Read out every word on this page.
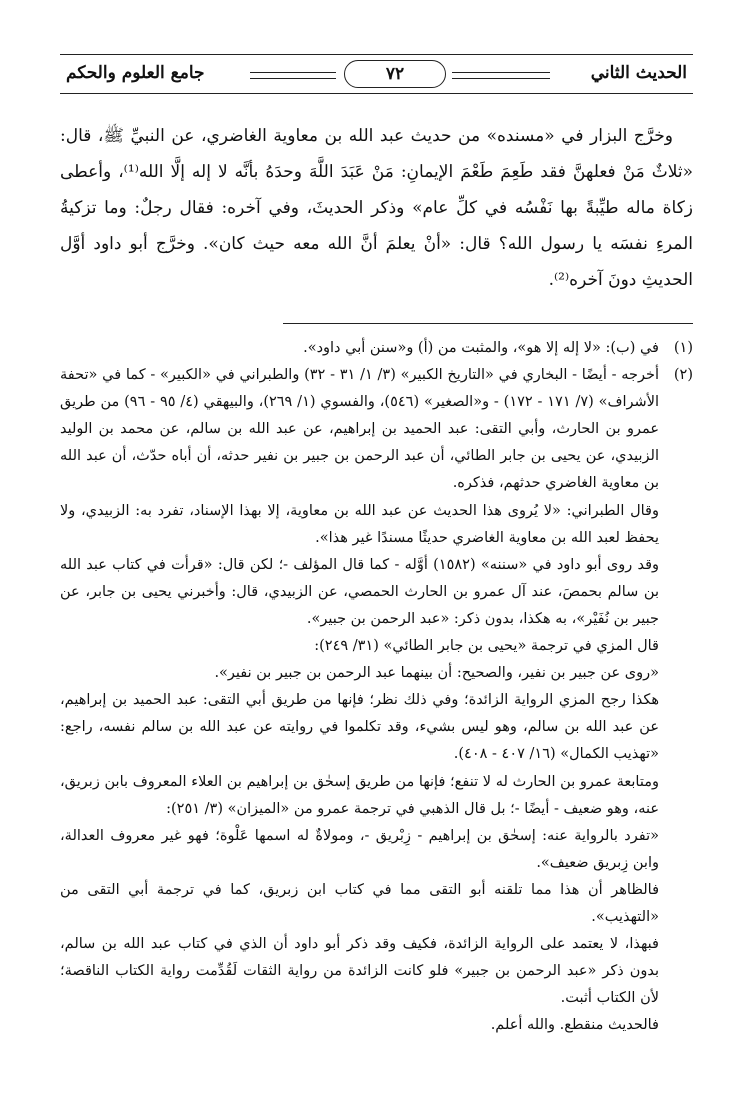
الحديث الثاني
٧٢
جامع العلوم والحكم

وخرَّج البزار في «مسنده» من حديث عبد الله بن معاوية الغاضري، عن النبيِّ ﷺ، قال: «ثلاثٌ مَنْ فعلهنَّ فقد طَعِمَ طَعْمَ الإيمانِ: مَنْ عَبَدَ اللَّهَ وحدَهُ بأنَّه لا إله إلَّا الله⁽¹⁾، وأعطى زكاة ماله طيِّبةً بها نَفْسُه في كلِّ عام» وذكر الحديثَ، وفي آخره: فقال رجلٌ: وما تزكيةُ المرءِ نفسَه يا رسول الله؟ قال: «أنْ يعلمَ أنَّ الله معه حيث كان». وخرَّج أبو داود أوَّل الحديثِ دونَ آخره⁽²⁾.

(١)

في (ب): «لا إله إلا هو»، والمثبت من (أ) و«سنن أبي داود».

(٢)

أخرجه - أيضًا - البخاري في «التاريخ الكبير» (٣/ ١/ ٣١ - ٣٢) والطبراني في «الكبير» - كما في «تحفة الأشراف» (٧/ ١٧١ - ١٧٢) - و«الصغير» (٥٤٦)، والفسوي (١/ ٢٦٩)، والبيهقي (٤/ ٩٥ - ٩٦) من طريق عمرو بن الحارث، وأبي التقى: عبد الحميد بن إبراهيم، عن عبد الله بن سالم، عن محمد بن الوليد الزبيدي، عن يحيى بن جابر الطائي، أن عبد الرحمن بن جبير بن نفير حدثه، أن أباه حدّث، أن عبد الله بن معاوية الغاضري حدثهم، فذكره.

وقال الطبراني: «لا يُروى هذا الحديث عن عبد الله بن معاوية، إلا بهذا الإسناد، تفرد به: الزبيدي، ولا يحفظ لعبد الله بن معاوية الغاضري حديثًا مسندًا غير هذا».

وقد روى أبو داود في «سننه» (١٥٨٢) أوَّله - كما قال المؤلف -؛ لكن قال: «قرأت في كتاب عبد الله بن سالم بحمصَ، عند آل عمرو بن الحارث الحمصي، عن الزبيدي، قال: وأخبرني يحيى بن جابر، عن جبير بن نُفَيْر»، به هكذا، بدون ذكر: «عبد الرحمن بن جبير».

قال المزي في ترجمة «يحيى بن جابر الطائي» (٣١/ ٢٤٩):

«روى عن جبير بن نفير، والصحيح: أن بينهما عبد الرحمن بن جبير بن نفير».

هكذا رجح المزي الرواية الزائدة؛ وفي ذلك نظر؛ فإنها من طريق أبي التقى: عبد الحميد بن إبراهيم، عن عبد الله بن سالم، وهو ليس بشيء، وقد تكلموا في روايته عن عبد الله بن سالم نفسه، راجع: «تهذيب الكمال» (١٦/ ٤٠٧ - ٤٠٨).

ومتابعة عمرو بن الحارث له لا تنفع؛ فإنها من طريق إسحٰق بن إبراهيم بن العلاء المعروف بابن زبريق، عنه، وهو ضعيف - أيضًا -؛ بل قال الذهبي في ترجمة عمرو من «الميزان» (٣/ ٢٥١):

«تفرد بالرواية عنه: إسحٰق بن إبراهيم - زِبْريق -، ومولاةٌ له اسمها عَلْوة؛ فهو غير معروف العدالة، وابن زِبريق ضعيف».

فالظاهر أن هذا مما تلقنه أبو التقى مما في كتاب ابن زبريق، كما في ترجمة أبي التقى من «التهذيب».

فبهذا، لا يعتمد على الرواية الزائدة، فكيف وقد ذكر أبو داود أن الذي في كتاب عبد الله بن سالم، بدون ذكر «عبد الرحمن بن جبير» فلو كانت الزائدة من رواية الثقات لَقُدِّمت رواية الكتاب الناقصة؛ لأن الكتاب أثبت.

فالحديث منقطع. والله أعلم.
